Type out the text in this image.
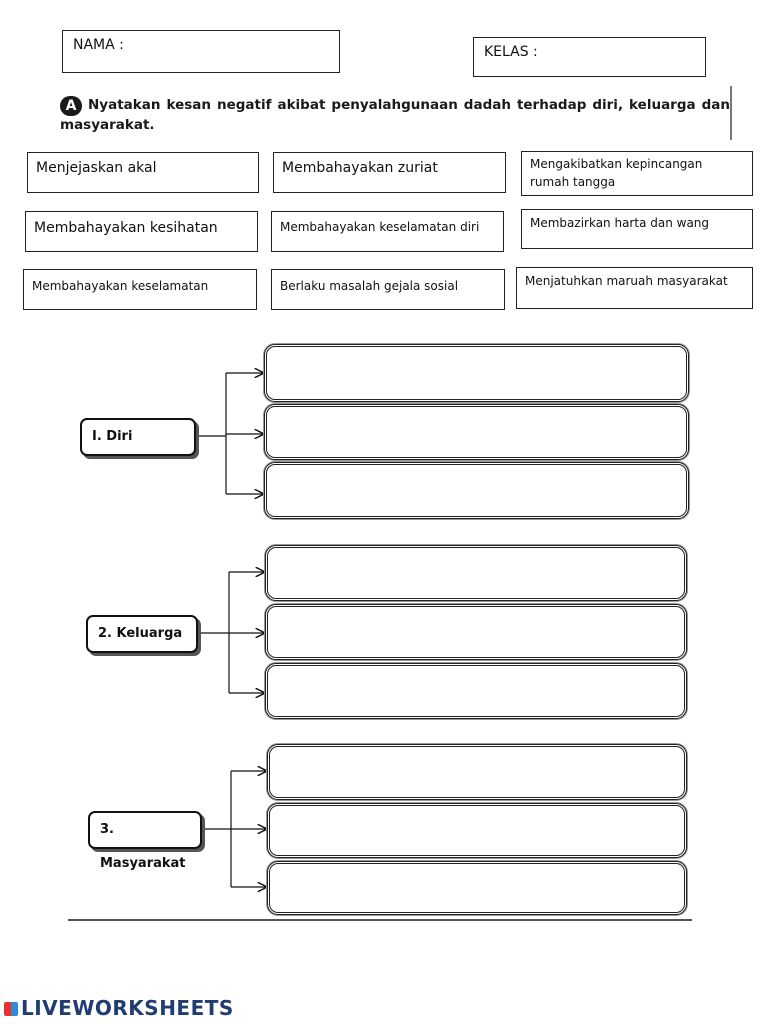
NAMA :	KELAS :
A Nyatakan kesan negatif akibat penyalahgunaan dadah terhadap diri, keluarga dan masyarakat.
Menjejaskan akal	Membahayakan zuriat	Mengakibatkan kepincangan rumah tangga
Membahayakan kesihatan	Membahayakan keselamatan diri	Membazirkan harta dan wang
Membahayakan keselamatan	Berlaku masalah gejala sosial	Menjatuhkan maruah masyarakat
I. Diri
2. Keluarga
3. Masyarakat
LIVEWORKSHEETS
